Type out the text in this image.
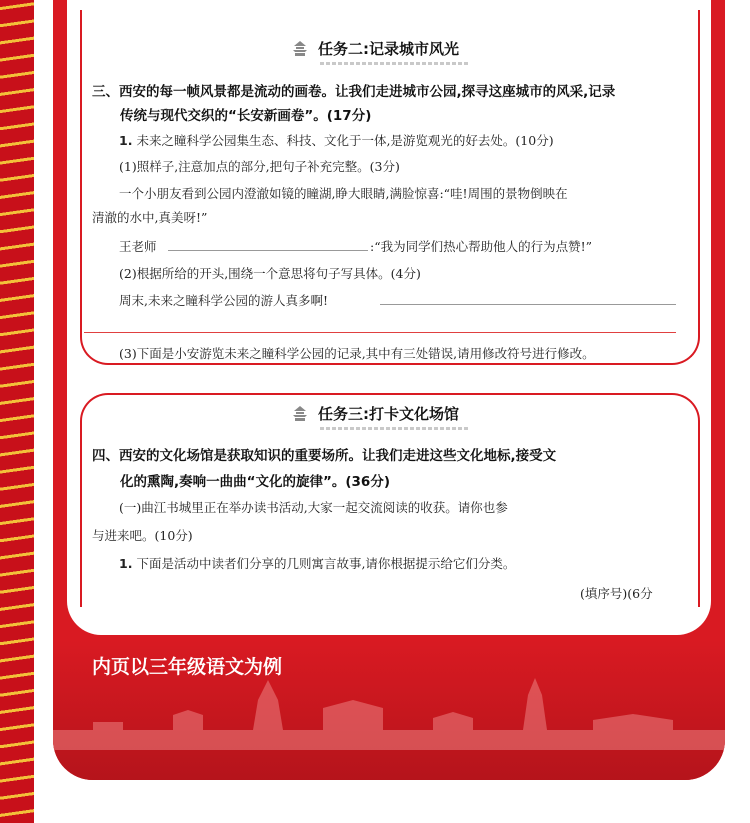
任务二:记录城市风光
三、西安的每一帧风景都是流动的画卷。让我们走进城市公园,探寻这座城市的风采,记录
传统与现代交织的“长安新画卷”。(17分)
1. 未来之瞳科学公园集生态、科技、文化于一体,是游览观光的好去处。(10分)
(1)照样子,注意加点的部分,把句子补充完整。(3分)
一个小朋友看到公园内澄澈如镜的瞳湖,睁大眼睛,满脸惊喜:“哇!周围的景物倒映在
清澈的水中,真美呀!”
王老师	:“我为同学们热心帮助他人的行为点赞!”
(2)根据所给的开头,围绕一个意思将句子写具体。(4分)
周末,未来之瞳科学公园的游人真多啊!
(3)下面是小安游览未来之瞳科学公园的记录,其中有三处错误,请用修改符号进行修改。
任务三:打卡文化场馆
四、西安的文化场馆是获取知识的重要场所。让我们走进这些文化地标,接受文
化的熏陶,奏响一曲曲“文化的旋律”。(36分)
(一)曲江书城里正在举办读书活动,大家一起交流阅读的收获。请你也参
与进来吧。(10分)
1. 下面是活动中读者们分享的几则寓言故事,请你根据提示给它们分类。
(填序号)(6分
内页以三年级语文为例
